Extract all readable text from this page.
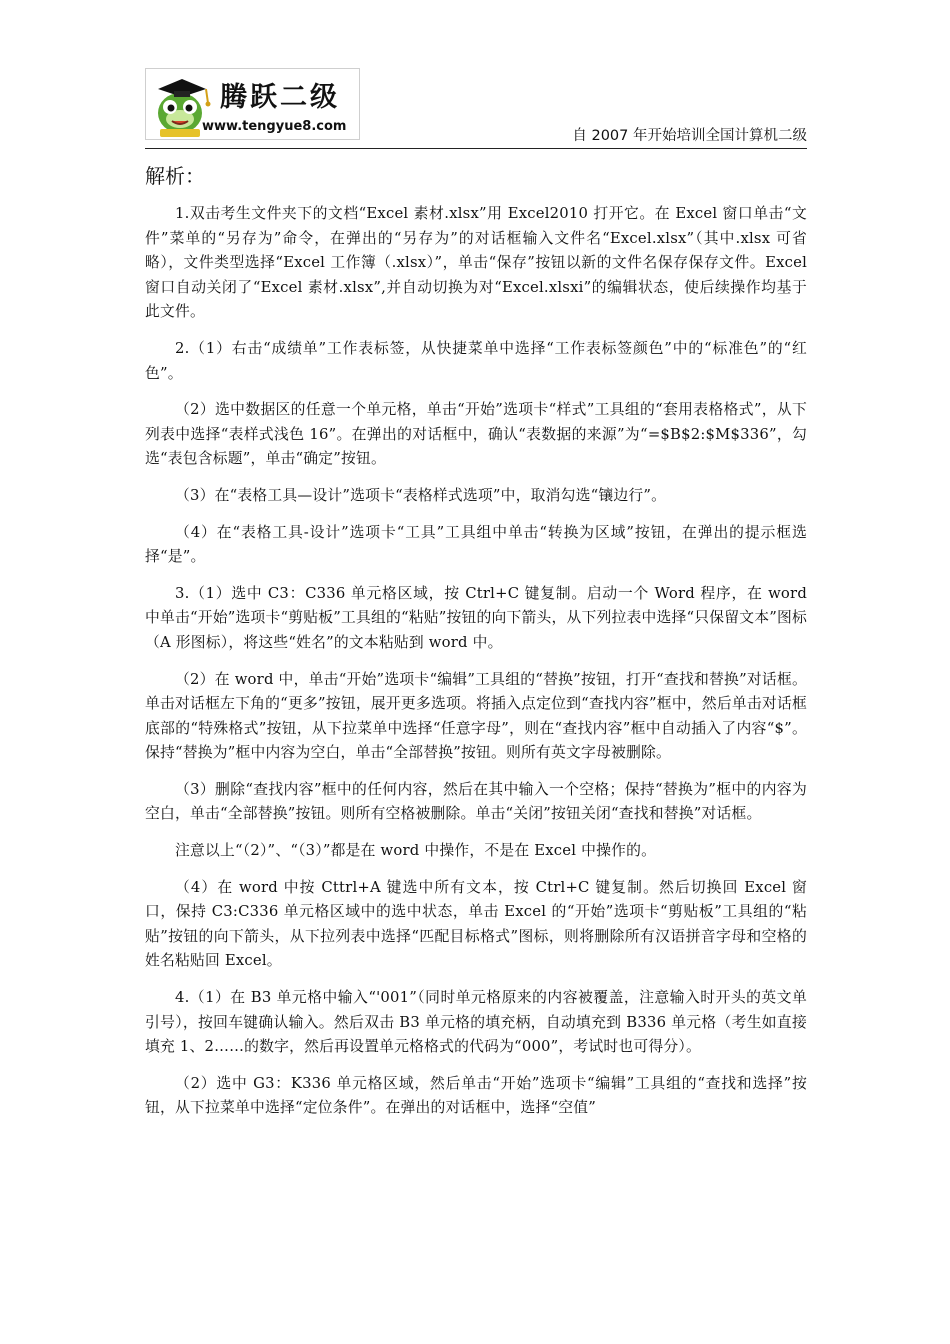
腾跃二级
www.tengyue8.com
自 2007 年开始培训全国计算机二级
解析：

1.双击考生文件夹下的文档“Excel 素材.xlsx”用 Excel2010 打开它。在 Excel 窗口单击“文件”菜单的“另存为”命令，在弹出的“另存为”的对话框输入文件名“Excel.xlsx”（其中.xlsx 可省略），文件类型选择“Excel 工作簿（.xlsx）”，单击“保存”按钮以新的文件名保存保存文件。Excel 窗口自动关闭了“Excel 素材.xlsx”,并自动切换为对“Excel.xlsxi”的编辑状态，使后续操作均基于此文件。

2.（1）右击“成绩单”工作表标签，从快捷菜单中选择“工作表标签颜色”中的“标准色”的“红色”。

（2）选中数据区的任意一个单元格，单击“开始”选项卡“样式”工具组的“套用表格格式”，从下列表中选择“表样式浅色 16”。在弹出的对话框中，确认“表数据的来源”为“=$B$2:$M$336”，勾选“表包含标题”，单击“确定”按钮。

（3）在“表格工具—设计”选项卡“表格样式选项”中，取消勾选“镶边行”。

（4）在“表格工具-设计”选项卡“工具”工具组中单击“转换为区域”按钮，在弹出的提示框选择“是”。

3.（1）选中 C3：C336 单元格区域，按 Ctrl+C 键复制。启动一个 Word 程序，在 word 中单击“开始”选项卡“剪贴板”工具组的“粘贴”按钮的向下箭头，从下列拉表中选择“只保留文本”图标（A 形图标），将这些“姓名”的文本粘贴到 word 中。

（2）在 word 中，单击“开始”选项卡“编辑”工具组的“替换”按钮，打开“查找和替换”对话框。单击对话框左下角的“更多”按钮，展开更多选项。将插入点定位到“查找内容”框中，然后单击对话框底部的“特殊格式”按钮，从下拉菜单中选择“任意字母”，则在“查找内容”框中自动插入了内容“$”。保持“替换为”框中内容为空白，单击“全部替换”按钮。则所有英文字母被删除。

（3）删除“查找内容”框中的任何内容，然后在其中输入一个空格；保持“替换为”框中的内容为空白，单击“全部替换”按钮。则所有空格被删除。单击“关闭”按钮关闭“查找和替换”对话框。

注意以上“（2）”、“（3）”都是在 word 中操作，不是在 Excel 中操作的。

（4）在 word 中按 Cttrl+A 键选中所有文本，按 Ctrl+C 键复制。然后切换回 Excel 窗口，保持 C3:C336 单元格区域中的选中状态，单击 Excel 的“开始”选项卡“剪贴板”工具组的“粘贴”按钮的向下箭头，从下拉列表中选择“匹配目标格式”图标，则将删除所有汉语拼音字母和空格的姓名粘贴回 Excel。

4.（1）在 B3 单元格中输入“'001”（同时单元格原来的内容被覆盖，注意输入时开头的英文单引号），按回车键确认输入。然后双击 B3 单元格的填充柄，自动填充到 B336 单元格（考生如直接填充 1、2……的数字，然后再设置单元格格式的代码为“000”，考试时也可得分）。

（2）选中 G3：K336 单元格区域，然后单击“开始”选项卡“编辑”工具组的“查找和选择”按钮，从下拉菜单中选择“定位条件”。在弹出的对话框中，选择“空值”
